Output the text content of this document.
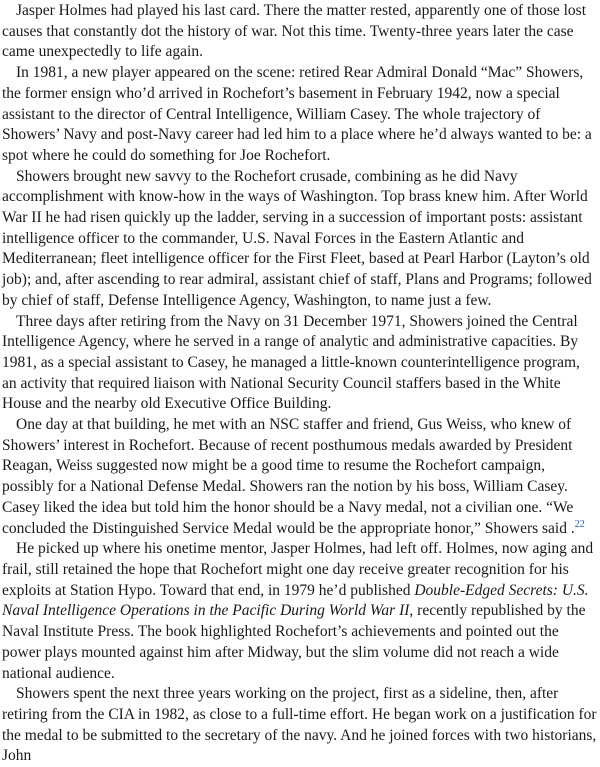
Jasper Holmes had played his last card. There the matter rested, apparently one of those lost causes that constantly dot the history of war. Not this time. Twenty-three years later the case came unexpectedly to life again.

In 1981, a new player appeared on the scene: retired Rear Admiral Donald “Mac” Showers, the former ensign who’d arrived in Rochefort’s basement in February 1942, now a special assistant to the director of Central Intelligence, William Casey. The whole trajectory of Showers’ Navy and post-Navy career had led him to a place where he’d always wanted to be: a spot where he could do something for Joe Rochefort.

Showers brought new savvy to the Rochefort crusade, combining as he did Navy accomplishment with know-how in the ways of Washington. Top brass knew him. After World War II he had risen quickly up the ladder, serving in a succession of important posts: assistant intelligence officer to the commander, U.S. Naval Forces in the Eastern Atlantic and Mediterranean; fleet intelligence officer for the First Fleet, based at Pearl Harbor (Layton’s old job); and, after ascending to rear admiral, assistant chief of staff, Plans and Programs; followed by chief of staff, Defense Intelligence Agency, Washington, to name just a few.

Three days after retiring from the Navy on 31 December 1971, Showers joined the Central Intelligence Agency, where he served in a range of analytic and administrative capacities. By 1981, as a special assistant to Casey, he managed a little-known counterintelligence program, an activity that required liaison with National Security Council staffers based in the White House and the nearby old Executive Office Building.

One day at that building, he met with an NSC staffer and friend, Gus Weiss, who knew of Showers’ interest in Rochefort. Because of recent posthumous medals awarded by President Reagan, Weiss suggested now might be a good time to resume the Rochefort campaign, possibly for a National Defense Medal. Showers ran the notion by his boss, William Casey. Casey liked the idea but told him the honor should be a Navy medal, not a civilian one. “We concluded the Distinguished Service Medal would be the appropriate honor,” Showers said .$^{22}$

He picked up where his onetime mentor, Jasper Holmes, had left off. Holmes, now aging and frail, still retained the hope that Rochefort might one day receive greater recognition for his exploits at Station Hypo. Toward that end, in 1979 he’d published Double-Edged Secrets: U.S. Naval Intelligence Operations in the Pacific During World War II, recently republished by the Naval Institute Press. The book highlighted Rochefort’s achievements and pointed out the power plays mounted against him after Midway, but the slim volume did not reach a wide national audience.

Showers spent the next three years working on the project, first as a sideline, then, after retiring from the CIA in 1982, as close to a full-time effort. He began work on a justification for the medal to be submitted to the secretary of the navy. And he joined forces with two historians, John
